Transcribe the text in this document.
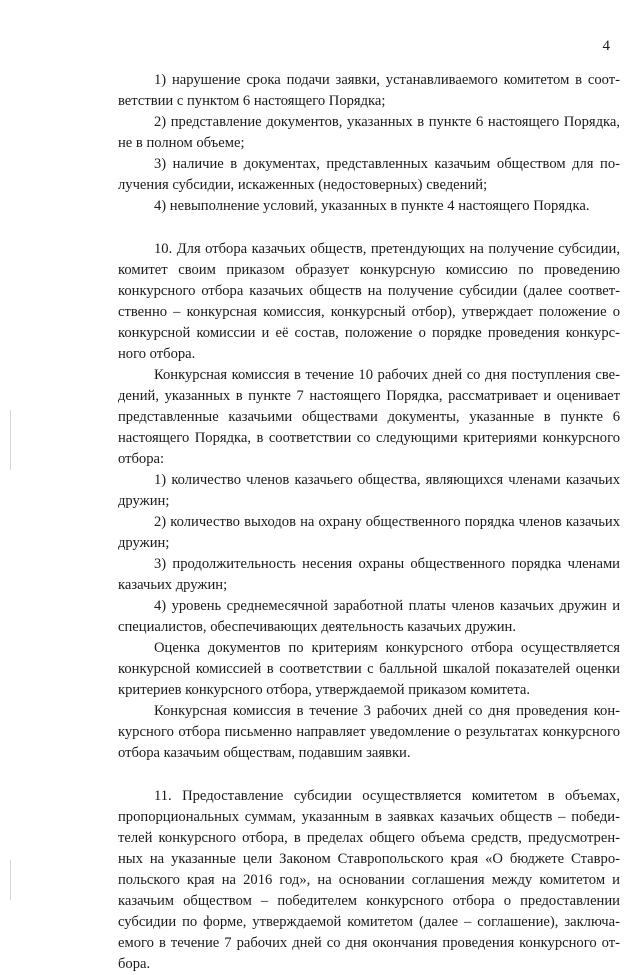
4

1) нарушение срока подачи заявки, устанавливаемого комитетом в соответствии с пунктом 6 настоящего Порядка;

2) представление документов, указанных в пункте 6 настоящего Порядка, не в полном объеме;

3) наличие в документах, представленных казачьим обществом для получения субсидии, искаженных (недостоверных) сведений;

4) невыполнение условий, указанных в пункте 4 настоящего Порядка.

10. Для отбора казачьих обществ, претендующих на получение субсидии, комитет своим приказом образует конкурсную комиссию по проведению конкурсного отбора казачьих обществ на получение субсидии (далее соответственно – конкурсная комиссия, конкурсный отбор), утверждает положение о конкурсной комиссии и её состав, положение о порядке проведения конкурсного отбора.

Конкурсная комиссия в течение 10 рабочих дней со дня поступления сведений, указанных в пункте 7 настоящего Порядка, рассматривает и оценивает представленные казачьими обществами документы, указанные в пункте 6 настоящего Порядка, в соответствии со следующими критериями конкурсного отбора:

1) количество членов казачьего общества, являющихся членами казачьих дружин;

2) количество выходов на охрану общественного порядка членов казачьих дружин;

3) продолжительность несения охраны общественного порядка членами казачьих дружин;

4) уровень среднемесячной заработной платы членов казачьих дружин и специалистов, обеспечивающих деятельность казачьих дружин.

Оценка документов по критериям конкурсного отбора осуществляется конкурсной комиссией в соответствии с балльной шкалой показателей оценки критериев конкурсного отбора, утверждаемой приказом комитета.

Конкурсная комиссия в течение 3 рабочих дней со дня проведения конкурсного отбора письменно направляет уведомление о результатах конкурсного отбора казачьим обществам, подавшим заявки.

11. Предоставление субсидии осуществляется комитетом в объемах, пропорциональных суммам, указанным в заявках казачьих обществ – победителей конкурсного отбора, в пределах общего объема средств, предусмотренных на указанные цели Законом Ставропольского края «О бюджете Ставропольского края на 2016 год», на основании соглашения между комитетом и казачьим обществом – победителем конкурсного отбора о предоставлении субсидии по форме, утверждаемой комитетом (далее – соглашение), заключаемого в течение 7 рабочих дней со дня окончания проведения конкурсного отбора.
